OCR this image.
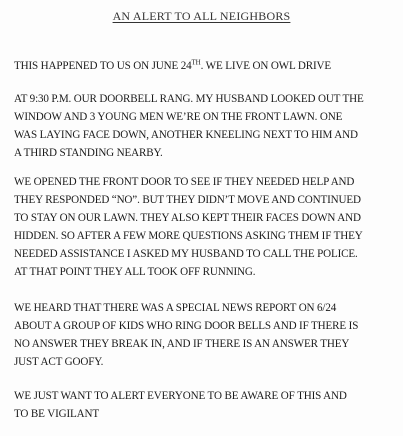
AN ALERT TO ALL NEIGHBORS
THIS HAPPENED TO US ON JUNE 24TH. WE LIVE ON OWL DRIVE
AT 9:30 P.M. OUR DOORBELL RANG. MY HUSBAND LOOKED OUT THE
WINDOW AND 3 YOUNG MEN WE’RE ON THE FRONT LAWN. ONE
WAS LAYING FACE DOWN, ANOTHER KNEELING NEXT TO HIM AND
A THIRD STANDING NEARBY.
WE OPENED THE FRONT DOOR TO SEE IF THEY NEEDED HELP AND
THEY RESPONDED “NO”. BUT THEY DIDN’T MOVE AND CONTINUED
TO STAY ON OUR LAWN. THEY ALSO KEPT THEIR FACES DOWN AND
HIDDEN. SO AFTER A FEW MORE QUESTIONS ASKING THEM IF THEY
NEEDED ASSISTANCE I ASKED MY HUSBAND TO CALL THE POLICE.
AT THAT POINT THEY ALL TOOK OFF RUNNING.
WE HEARD THAT THERE WAS A SPECIAL NEWS REPORT ON 6/24
ABOUT A GROUP OF KIDS WHO RING DOOR BELLS AND IF THERE IS
NO ANSWER THEY BREAK IN, AND IF THERE IS AN ANSWER THEY
JUST ACT GOOFY.
WE JUST WANT TO ALERT EVERYONE TO BE AWARE OF THIS AND
TO BE VIGILANT
